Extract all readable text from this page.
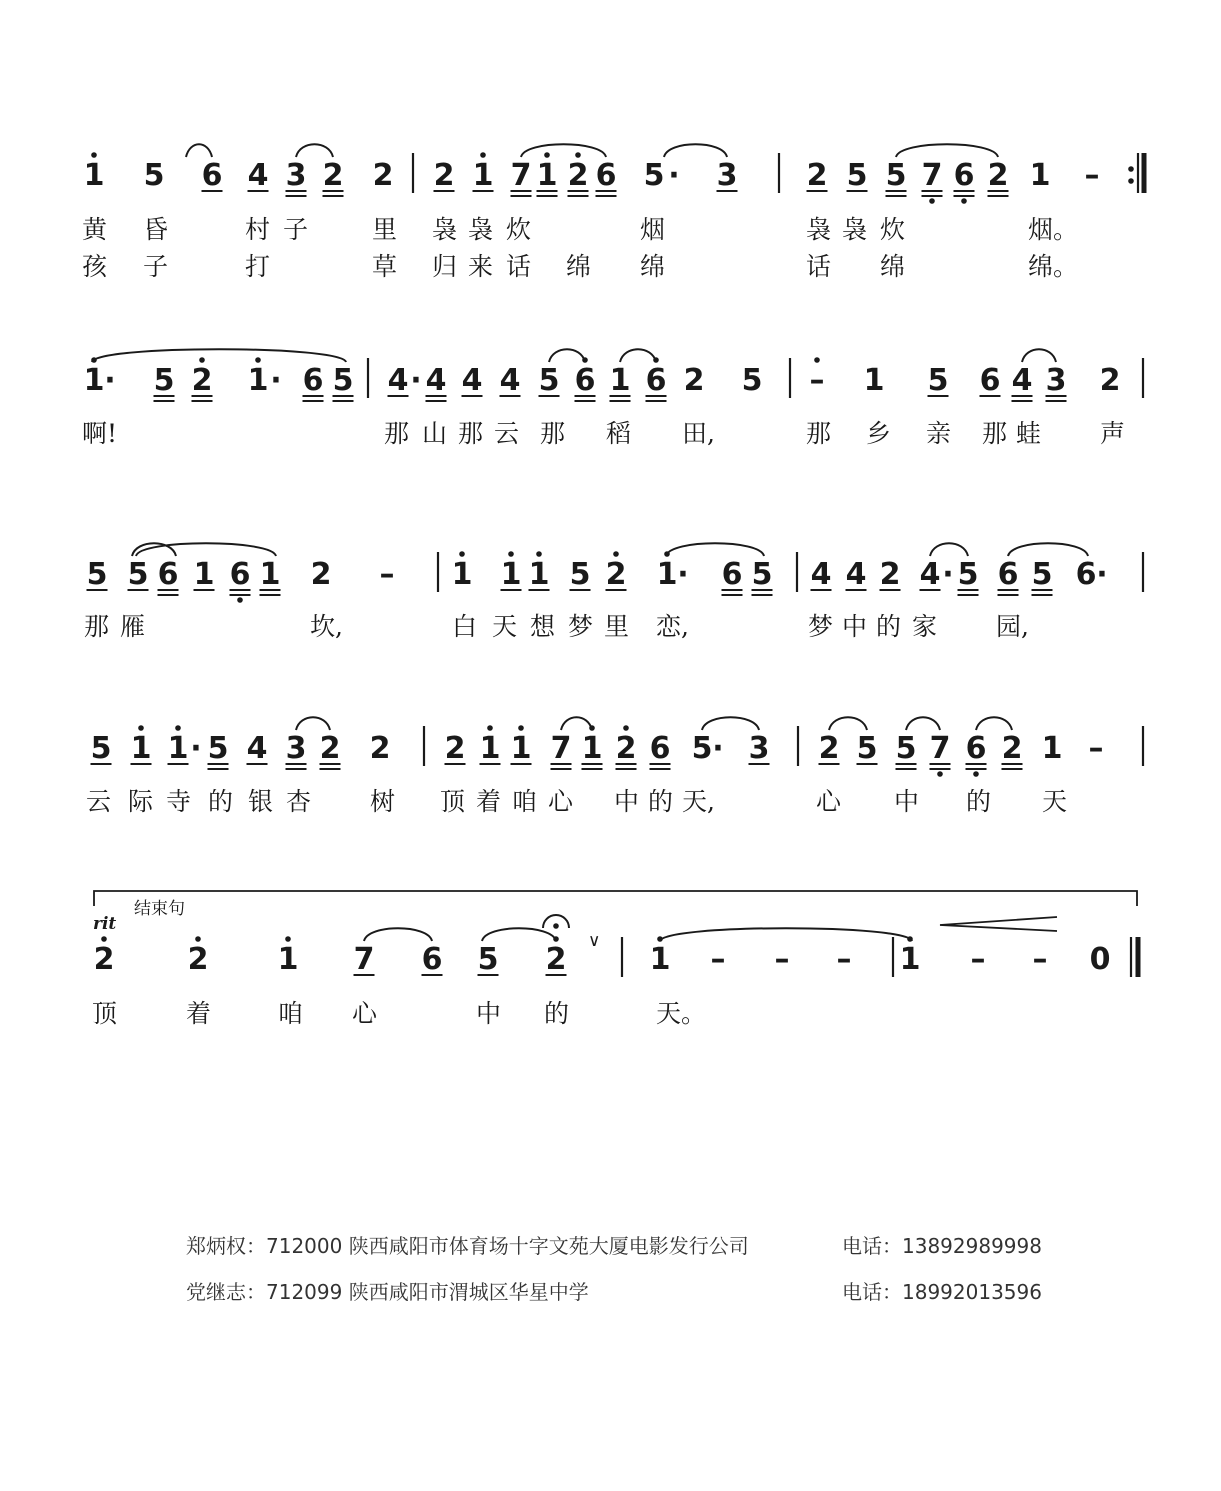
1 5 6 4 3 2 2 2 1 7 1 2 6 5 · 3 2 5 5 7 6 2 1 –
1 · 5 2 1 · 6 5 4 · 4 4 4 5 6 1 6 2 5 – 1 5 6 4 3 2
5 5 6 1 6 1 2 – 1 1 1 5 2 1 · 6 5 4 4 2 4 · 5 6 5 6 ·
5 1 1 · 5 4 3 2 2 2 1 1 7 1 2 6 5 · 3 2 5 5 7 6 2 1 –
2 2 1 7 6 5 2	1 – – – 1 – – 0
黄 昏	村 子	里 袅 袅 炊	烟	袅 袅 炊	烟。
孩 子	打	草 归 来 话 绵 绵	话 绵	绵。
啊!	那 山 那 云 那 稻 田,	那 乡 亲 那 蛙 声
那 雁	坎,	白 天 想 梦 里 恋,	梦 中 的 家 园,
云 际 寺 的 银 杏 树 顶 着 咱 心 中 的 天,	心 中 的 天
顶	着	咱 心	中 的	天。
rit
结束句
∨
郑炳权：712000 陕西咸阳市体育场十字文苑大厦电影发行公司	电话：13892989998
党继志：712099 陕西咸阳市渭城区华星中学	电话：18992013596
